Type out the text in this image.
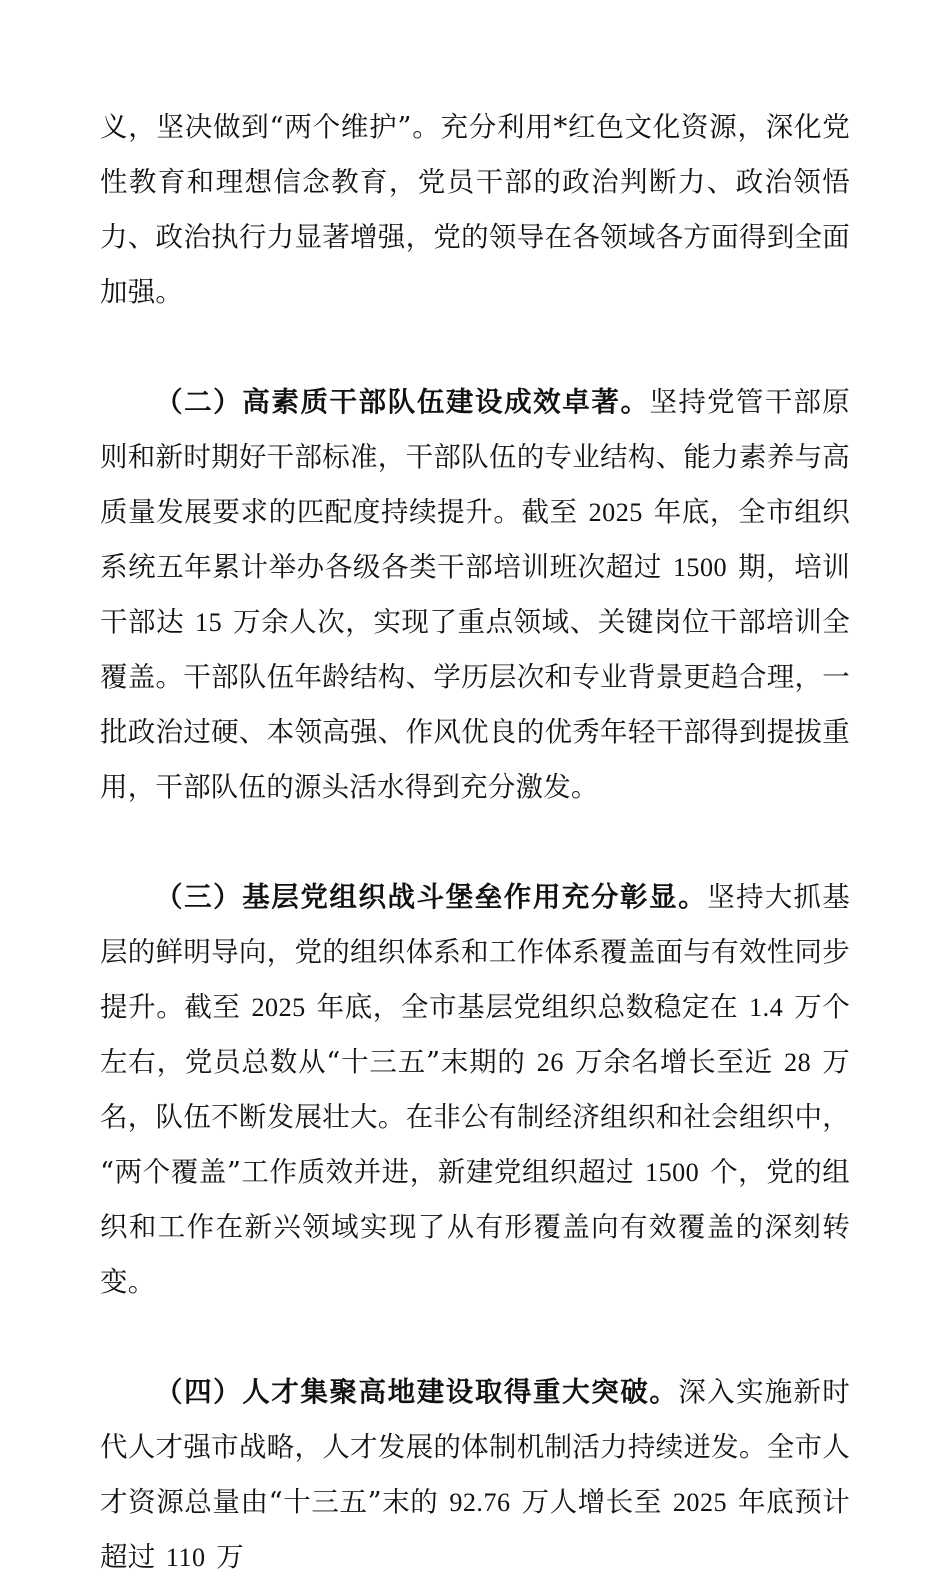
义，坚决做到“两个维护”。充分利用*红色文化资源，深化党性教育和理想信念教育，党员干部的政治判断力、政治领悟力、政治执行力显著增强，党的领导在各领域各方面得到全面加强。

（二）高素质干部队伍建设成效卓著。坚持党管干部原则和新时期好干部标准，干部队伍的专业结构、能力素养与高质量发展要求的匹配度持续提升。截至 2025 年底，全市组织系统五年累计举办各级各类干部培训班次超过 1500 期，培训干部达 15 万余人次，实现了重点领域、关键岗位干部培训全覆盖。干部队伍年龄结构、学历层次和专业背景更趋合理，一批政治过硬、本领高强、作风优良的优秀年轻干部得到提拔重用，干部队伍的源头活水得到充分激发。

（三）基层党组织战斗堡垒作用充分彰显。坚持大抓基层的鲜明导向，党的组织体系和工作体系覆盖面与有效性同步提升。截至 2025 年底，全市基层党组织总数稳定在 1.4 万个左右，党员总数从“十三五”末期的 26 万余名增长至近 28 万名，队伍不断发展壮大。在非公有制经济组织和社会组织中，“两个覆盖”工作质效并进，新建党组织超过 1500 个，党的组织和工作在新兴领域实现了从有形覆盖向有效覆盖的深刻转变。

（四）人才集聚高地建设取得重大突破。深入实施新时代人才强市战略，人才发展的体制机制活力持续迸发。全市人才资源总量由“十三五”末的 92.76 万人增长至 2025 年底预计超过 110 万
